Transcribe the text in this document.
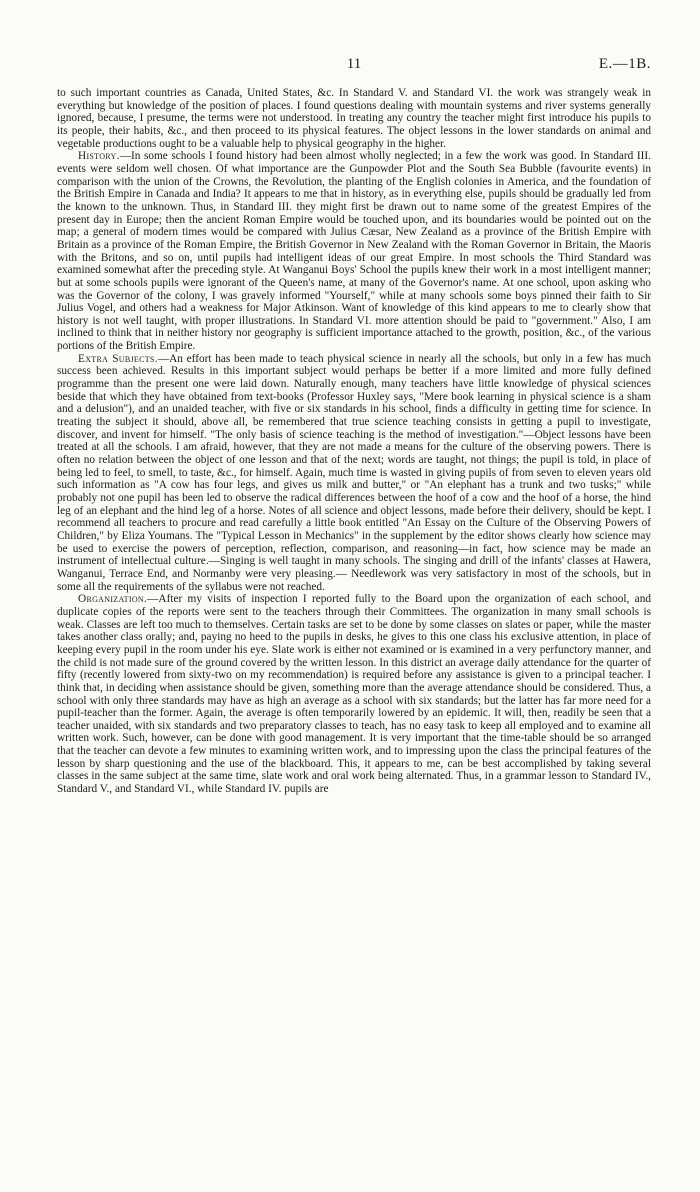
11	E.—1B.

to such important countries as Canada, United States, &c. In Standard V. and Standard VI. the work was strangely weak in everything but knowledge of the position of places. I found questions dealing with mountain systems and river systems generally ignored, because, I presume, the terms were not understood. In treating any country the teacher might first introduce his pupils to its people, their habits, &c., and then proceed to its physical features. The object lessons in the lower standards on animal and vegetable productions ought to be a valuable help to physical geography in the higher.

History.—In some schools I found history had been almost wholly neglected; in a few the work was good. In Standard III. events were seldom well chosen. Of what importance are the Gunpowder Plot and the South Sea Bubble (favourite events) in comparison with the union of the Crowns, the Revolution, the planting of the English colonies in America, and the foundation of the British Empire in Canada and India? It appears to me that in history, as in everything else, pupils should be gradually led from the known to the unknown. Thus, in Standard III. they might first be drawn out to name some of the greatest Empires of the present day in Europe; then the ancient Roman Empire would be touched upon, and its boundaries would be pointed out on the map; a general of modern times would be compared with Julius Cæsar, New Zealand as a province of the British Empire with Britain as a province of the Roman Empire, the British Governor in New Zealand with the Roman Governor in Britain, the Maoris with the Britons, and so on, until pupils had intelligent ideas of our great Empire. In most schools the Third Standard was examined somewhat after the preceding style. At Wanganui Boys' School the pupils knew their work in a most intelligent manner; but at some schools pupils were ignorant of the Queen's name, at many of the Governor's name. At one school, upon asking who was the Governor of the colony, I was gravely informed "Yourself," while at many schools some boys pinned their faith to Sir Julius Vogel, and others had a weakness for Major Atkinson. Want of knowledge of this kind appears to me to clearly show that history is not well taught, with proper illustrations. In Standard VI. more attention should be paid to "government." Also, I am inclined to think that in neither history nor geography is sufficient importance attached to the growth, position, &c., of the various portions of the British Empire.

Extra Subjects.—An effort has been made to teach physical science in nearly all the schools, but only in a few has much success been achieved. Results in this important subject would perhaps be better if a more limited and more fully defined programme than the present one were laid down. Naturally enough, many teachers have little knowledge of physical sciences beside that which they have obtained from text-books (Professor Huxley says, "Mere book learning in physical science is a sham and a delusion"), and an unaided teacher, with five or six standards in his school, finds a difficulty in getting time for science. In treating the subject it should, above all, be remembered that true science teaching consists in getting a pupil to investigate, discover, and invent for himself. "The only basis of science teaching is the method of investigation."—Object lessons have been treated at all the schools. I am afraid, however, that they are not made a means for the culture of the observing powers. There is often no relation between the object of one lesson and that of the next; words are taught, not things; the pupil is told, in place of being led to feel, to smell, to taste, &c., for himself. Again, much time is wasted in giving pupils of from seven to eleven years old such information as "A cow has four legs, and gives us milk and butter," or "An elephant has a trunk and two tusks;" while probably not one pupil has been led to observe the radical differences between the hoof of a cow and the hoof of a horse, the hind leg of an elephant and the hind leg of a horse. Notes of all science and object lessons, made before their delivery, should be kept. I recommend all teachers to procure and read carefully a little book entitled "An Essay on the Culture of the Observing Powers of Children," by Eliza Youmans. The "Typical Lesson in Mechanics" in the supplement by the editor shows clearly how science may be used to exercise the powers of perception, reflection, comparison, and reasoning—in fact, how science may be made an instrument of intellectual culture.—Singing is well taught in many schools. The singing and drill of the infants' classes at Hawera, Wanganui, Terrace End, and Normanby were very pleasing.— Needlework was very satisfactory in most of the schools, but in some all the requirements of the syllabus were not reached.

Organization.—After my visits of inspection I reported fully to the Board upon the organization of each school, and duplicate copies of the reports were sent to the teachers through their Committees. The organization in many small schools is weak. Classes are left too much to themselves. Certain tasks are set to be done by some classes on slates or paper, while the master takes another class orally; and, paying no heed to the pupils in desks, he gives to this one class his exclusive attention, in place of keeping every pupil in the room under his eye. Slate work is either not examined or is examined in a very perfunctory manner, and the child is not made sure of the ground covered by the written lesson. In this district an average daily attendance for the quarter of fifty (recently lowered from sixty-two on my recommendation) is required before any assistance is given to a principal teacher. I think that, in deciding when assistance should be given, something more than the average attendance should be considered. Thus, a school with only three standards may have as high an average as a school with six standards; but the latter has far more need for a pupil-teacher than the former. Again, the average is often temporarily lowered by an epidemic. It will, then, readily be seen that a teacher unaided, with six standards and two preparatory classes to teach, has no easy task to keep all employed and to examine all written work. Such, however, can be done with good management. It is very important that the time-table should be so arranged that the teacher can devote a few minutes to examining written work, and to impressing upon the class the principal features of the lesson by sharp questioning and the use of the blackboard. This, it appears to me, can be best accomplished by taking several classes in the same subject at the same time, slate work and oral work being alternated. Thus, in a grammar lesson to Standard IV., Standard V., and Standard VI., while Standard IV. pupils are
